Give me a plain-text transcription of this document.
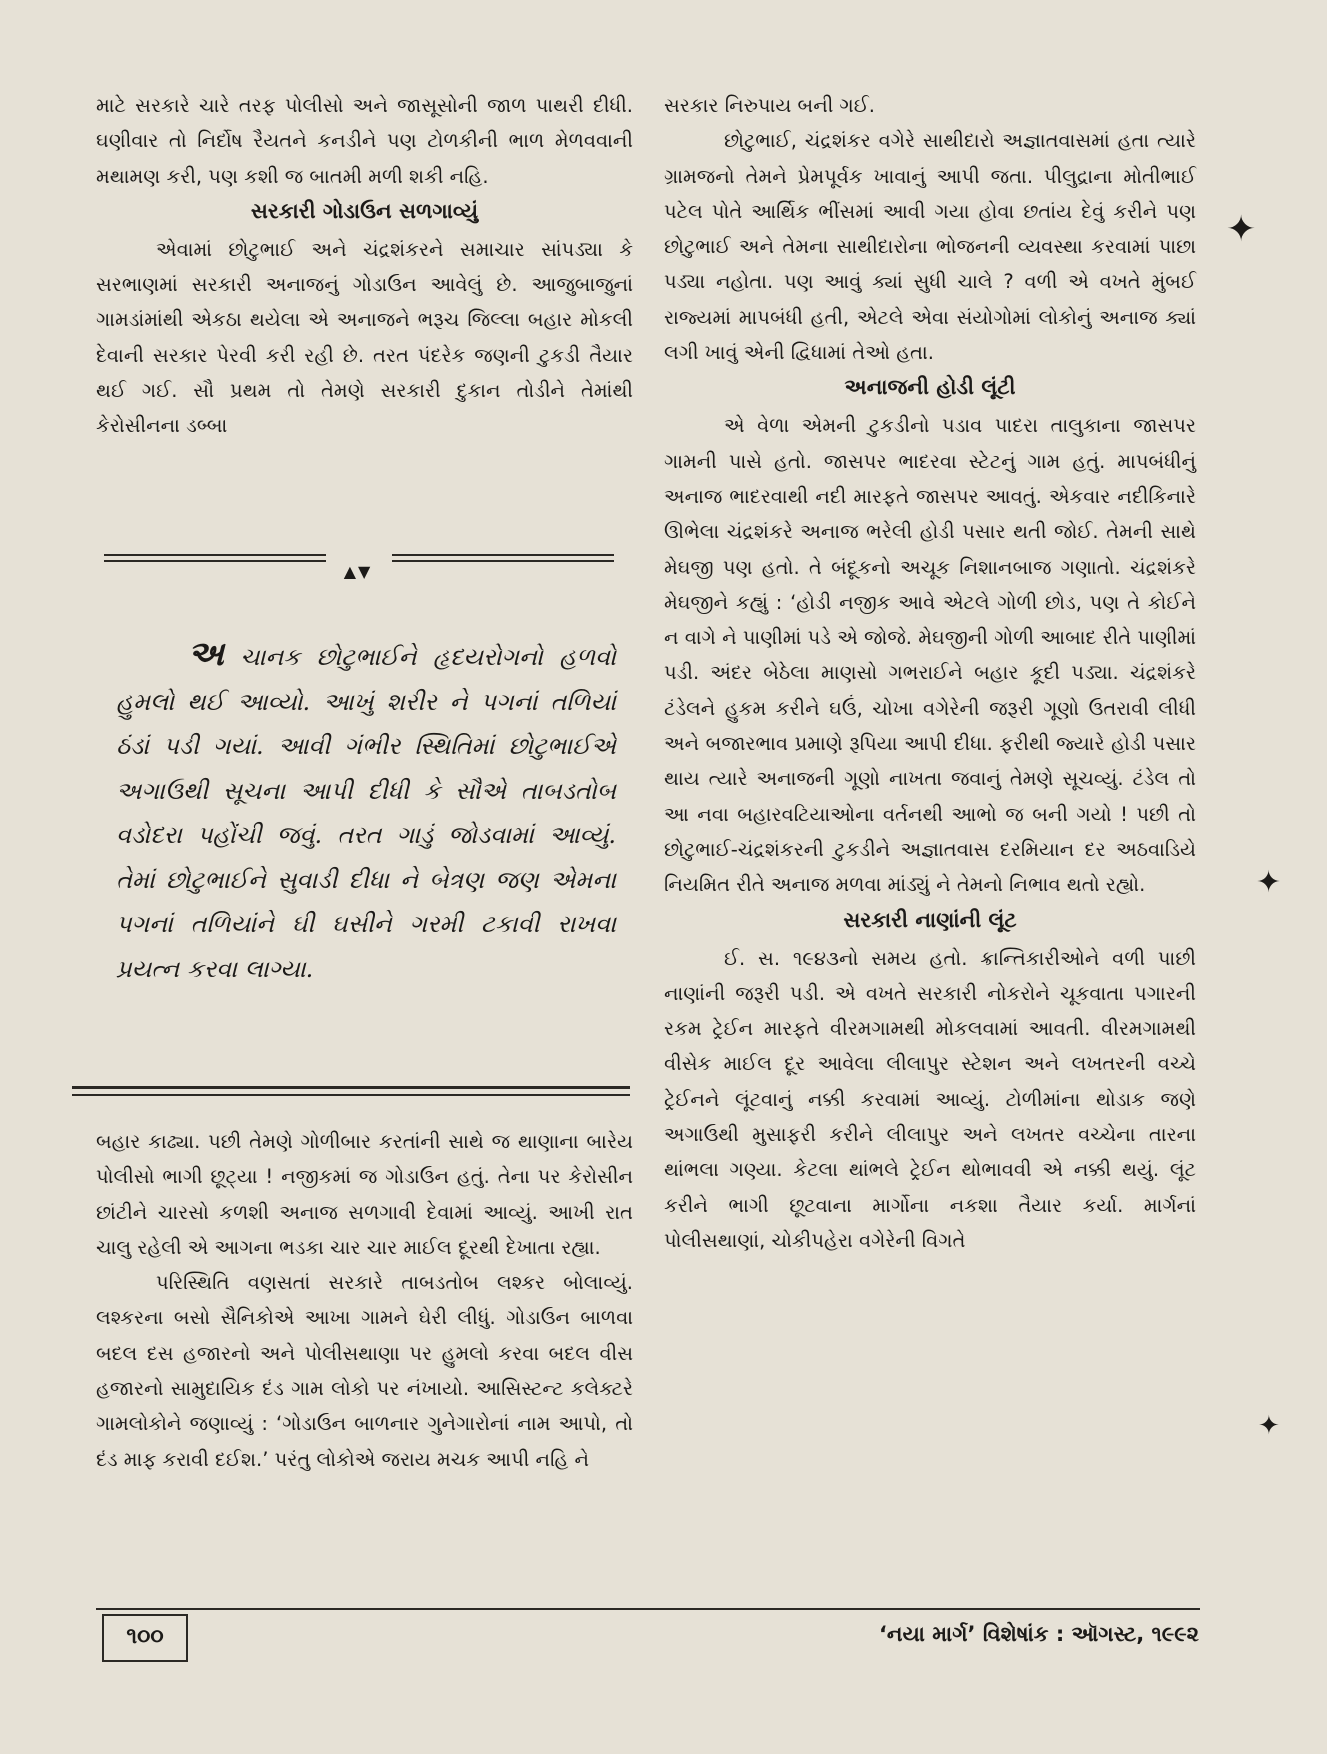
માટે સરકારે ચારે તરફ પોલીસો અને જાસૂસોની જાળ પાથરી દીધી. ઘણીવાર તો નિર્દોષ રૈયતને કનડીને પણ ટોળકીની ભાળ મેળવવાની મથામણ કરી, પણ કશી જ બાતમી મળી શકી નહિ.

સરકારી ગોડાઉન સળગાવ્યું

એવામાં છોટુભાઈ અને ચંદ્રશંકરને સમાચાર સાંપડ્યા કે સરભાણમાં સરકારી અનાજનું ગોડાઉન આવેલું છે. આજુબાજુનાં ગામડાંમાંથી એકઠા થયેલા એ અનાજને ભરૂચ જિલ્લા બહાર મોકલી દેવાની સરકાર પેરવી કરી રહી છે. તરત પંદરેક જણની ટુકડી તૈયાર થઈ ગઈ. સૌ પ્રથમ તો તેમણે સરકારી દુકાન તોડીને તેમાંથી કેરોસીનના ડબ્બા

▲▼
અ ચાનક છોટુભાઈને હૃદયરોગનો હળવો હુમલો થઈ આવ્યો. આખું શરીર ને પગનાં તળિયાં ઠંડાં પડી ગયાં. આવી ગંભીર સ્થિતિમાં છોટુભાઈએ અગાઉથી સૂચના આપી દીધી કે સૌએ તાબડતોબ વડોદરા પહોંચી જવું. તરત ગાડું જોડવામાં આવ્યું. તેમાં છોટુભાઈને સુવાડી દીધા ને બેત્રણ જણ એમના પગનાં તળિયાંને ઘી ઘસીને ગરમી ટકાવી રાખવા પ્રયત્ન કરવા લાગ્યા.

બહાર કાઢ્યા. પછી તેમણે ગોળીબાર કરતાંની સાથે જ થાણાના બારેય પોલીસો ભાગી છૂટ્યા ! નજીકમાં જ ગોડાઉન હતું. તેના પર કેરોસીન છાંટીને ચારસો કળશી અનાજ સળગાવી દેવામાં આવ્યું. આખી રાત ચાલુ રહેલી એ આગના ભડકા ચાર ચાર માઈલ દૂરથી દેખાતા રહ્યા.

પરિસ્થિતિ વણસતાં સરકારે તાબડતોબ લશ્કર બોલાવ્યું. લશ્કરના બસો સૈનિકોએ આખા ગામને ઘેરી લીધું. ગોડાઉન બાળવા બદલ દસ હજારનો અને પોલીસથાણા પર હુમલો કરવા બદલ વીસ હજારનો સામુદાયિક દંડ ગામ લોકો પર નંખાયો. આસિસ્ટન્ટ કલેક્ટરે ગામલોકોને જણાવ્યું : ‘ગોડાઉન બાળનાર ગુનેગારોનાં નામ આપો, તો દંડ માફ કરાવી દઈશ.’ પરંતુ લોકોએ જરાય મચક આપી નહિ ને

સરકાર નિરુપાય બની ગઈ.

છોટુભાઈ, ચંદ્રશંકર વગેરે સાથીદારો અજ્ઞાતવાસમાં હતા ત્યારે ગ્રામજનો તેમને પ્રેમપૂર્વક ખાવાનું આપી જતા. પીલુદ્રાના મોતીભાઈ પટેલ પોતે આર્થિક ભીંસમાં આવી ગયા હોવા છતાંય દેવું કરીને પણ છોટુભાઈ અને તેમના સાથીદારોના ભોજનની વ્યવસ્થા કરવામાં પાછા પડ્યા નહોતા. પણ આવું ક્યાં સુધી ચાલે ? વળી એ વખતે મુંબઈ રાજ્યમાં માપબંધી હતી, એટલે એવા સંયોગોમાં લોકોનું અનાજ ક્યાં લગી ખાવું એની દ્વિધામાં તેઓ હતા.

અનાજની હોડી લૂંટી

એ વેળા એમની ટુકડીનો પડાવ પાદરા તાલુકાના જાસપર ગામની પાસે હતો. જાસપર ભાદરવા સ્ટેટનું ગામ હતું. માપબંધીનું અનાજ ભાદરવાથી નદી મારફતે જાસપર આવતું. એકવાર નદીકિનારે ઊભેલા ચંદ્રશંકરે અનાજ ભરેલી હોડી પસાર થતી જોઈ. તેમની સાથે મેઘજી પણ હતો. તે બંદૂકનો અચૂક નિશાનબાજ ગણાતો. ચંદ્રશંકરે મેઘજીને કહ્યું : ‘હોડી નજીક આવે એટલે ગોળી છોડ, પણ તે કોઈને ન વાગે ને પાણીમાં પડે એ જોજે. મેઘજીની ગોળી આબાદ રીતે પાણીમાં પડી. અંદર બેઠેલા માણસો ગભરાઈને બહાર કૂદી પડ્યા. ચંદ્રશંકરે ટંડેલને હુકમ કરીને ઘઉં, ચોખા વગેરેની જરૂરી ગૂણો ઉતરાવી લીધી અને બજારભાવ પ્રમાણે રૂપિયા આપી દીધા. ફરીથી જ્યારે હોડી પસાર થાય ત્યારે અનાજની ગૂણો નાખતા જવાનું તેમણે સૂચવ્યું. ટંડેલ તો આ નવા બહારવટિયાઓના વર્તનથી આભો જ બની ગયો ! પછી તો છોટુભાઈ-ચંદ્રશંકરની ટુકડીને અજ્ઞાતવાસ દરમિયાન દર અઠવાડિયે નિયમિત રીતે અનાજ મળવા માંડ્યું ને તેમનો નિભાવ થતો રહ્યો.

સરકારી નાણાંની લૂંટ

ઈ. સ. ૧૯૪૩નો સમય હતો. ક્રાન્તિકારીઓને વળી પાછી નાણાંની જરૂરી પડી. એ વખતે સરકારી નોકરોને ચૂકવાતા પગારની રકમ ટ્રેઈન મારફતે વીરમગામથી મોકલવામાં આવતી. વીરમગામથી વીસેક માઈલ દૂર આવેલા લીલાપુર સ્ટેશન અને લખતરની વચ્ચે ટ્રેઈનને લૂંટવાનું નક્કી કરવામાં આવ્યું. ટોળીમાંના થોડાક જણે અગાઉથી મુસાફરી કરીને લીલાપુર અને લખતર વચ્ચેના તારના થાંભલા ગણ્યા. કેટલા થાંભલે ટ્રેઈન થોભાવવી એ નક્કી થયું. લૂંટ કરીને ભાગી છૂટવાના માર્ગોના નકશા તૈયાર કર્યા. માર્ગનાં પોલીસથાણાં, ચોકીપહેરા વગેરેની વિગતે

૧૦૦	‘નયા માર્ગ’ વિશેષાંક : ઑગસ્ટ, ૧૯૯૨
✦
✦
✦
